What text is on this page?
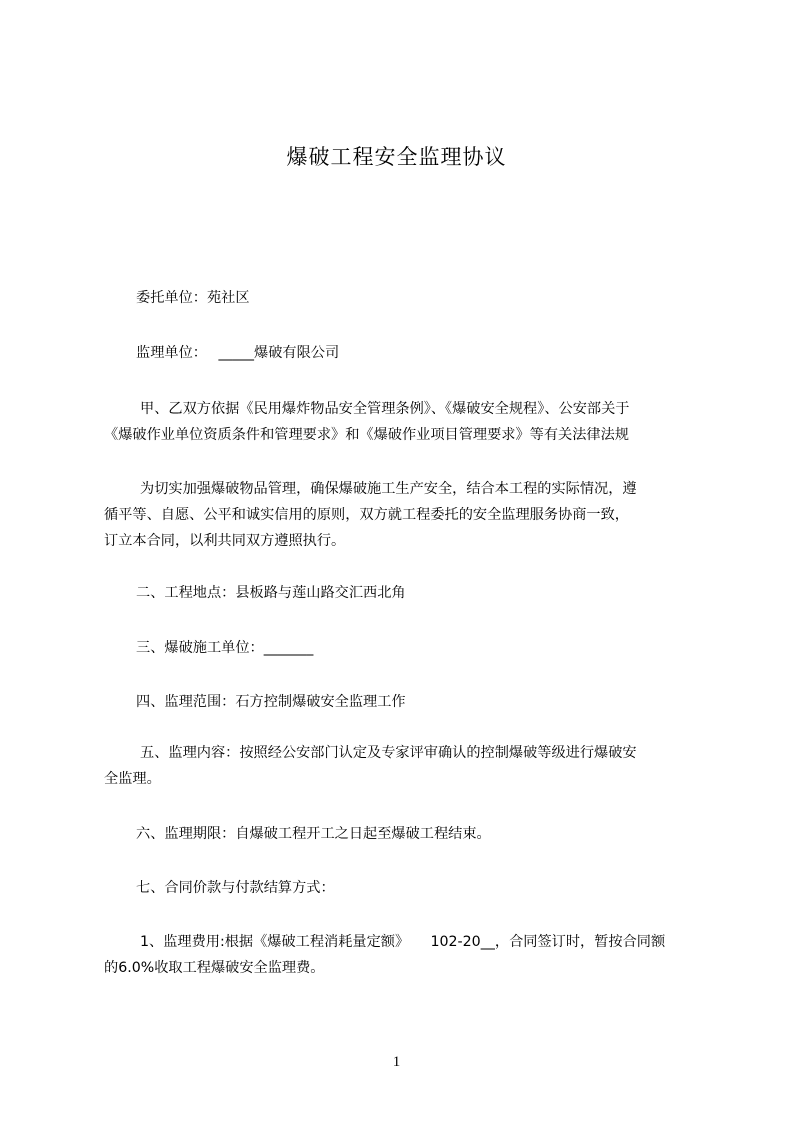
爆破工程安全监理协议
委托单位：苑社区
监理单位：　 _____爆破有限公司
甲、乙双方依据《民用爆炸物品安全管理条例》、《爆破安全规程》、公安部关于
《爆破作业单位资质条件和管理要求》和《爆破作业项目管理要求》等有关法律法规
为切实加强爆破物品管理，确保爆破施工生产安全，结合本工程的实际情况，遵
循平等、自愿、公平和诚实信用的原则，双方就工程委托的安全监理服务协商一致，
订立本合同，以利共同双方遵照执行。
二、工程地点：县板路与莲山路交汇西北角
三、爆破施工单位：_______
四、监理范围：石方控制爆破安全监理工作
五、监理内容：按照经公安部门认定及专家评审确认的控制爆破等级进行爆破安
全监理。
六、监理期限：自爆破工程开工之日起至爆破工程结束。
七、合同价款与付款结算方式：
1、监理费用:根据《爆破工程消耗量定额》　　102-20__，合同签订时，暂按合同额
的6.0%收取工程爆破安全监理费。
1
